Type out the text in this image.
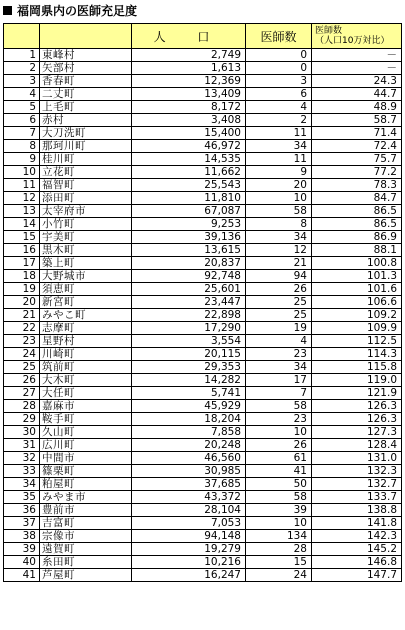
福岡県内の医師充足度
		人 口	医師数	医師数
（人口10万対比）

1	東峰村	2,749	0	－
2	矢部村	1,613	0	－
3	香春町	12,369	3	24.3
4	二丈町	13,409	6	44.7
5	上毛町	8,172	4	48.9
6	赤村	3,408	2	58.7
7	大刀洗町	15,400	11	71.4
8	那珂川町	46,972	34	72.4
9	桂川町	14,535	11	75.7
10	立花町	11,662	9	77.2
11	福智町	25,543	20	78.3
12	添田町	11,810	10	84.7
13	太宰府市	67,087	58	86.5
14	小竹町	9,253	8	86.5
15	宇美町	39,136	34	86.9
16	黒木町	13,615	12	88.1
17	築上町	20,837	21	100.8
18	大野城市	92,748	94	101.3
19	須恵町	25,601	26	101.6
20	新宮町	23,447	25	106.6
21	みやこ町	22,898	25	109.2
22	志摩町	17,290	19	109.9
23	星野村	3,554	4	112.5
24	川崎町	20,115	23	114.3
25	筑前町	29,353	34	115.8
26	大木町	14,282	17	119.0
27	大任町	5,741	7	121.9
28	嘉麻市	45,929	58	126.3
29	鞍手町	18,204	23	126.3
30	久山町	7,858	10	127.3
31	広川町	20,248	26	128.4
32	中間市	46,560	61	131.0
33	篠栗町	30,985	41	132.3
34	粕屋町	37,685	50	132.7
35	みやま市	43,372	58	133.7
36	豊前市	28,104	39	138.8
37	吉富町	7,053	10	141.8
38	宗像市	94,148	134	142.3
39	遠賀町	19,279	28	145.2
40	糸田町	10,216	15	146.8
41	芦屋町	16,247	24	147.7
